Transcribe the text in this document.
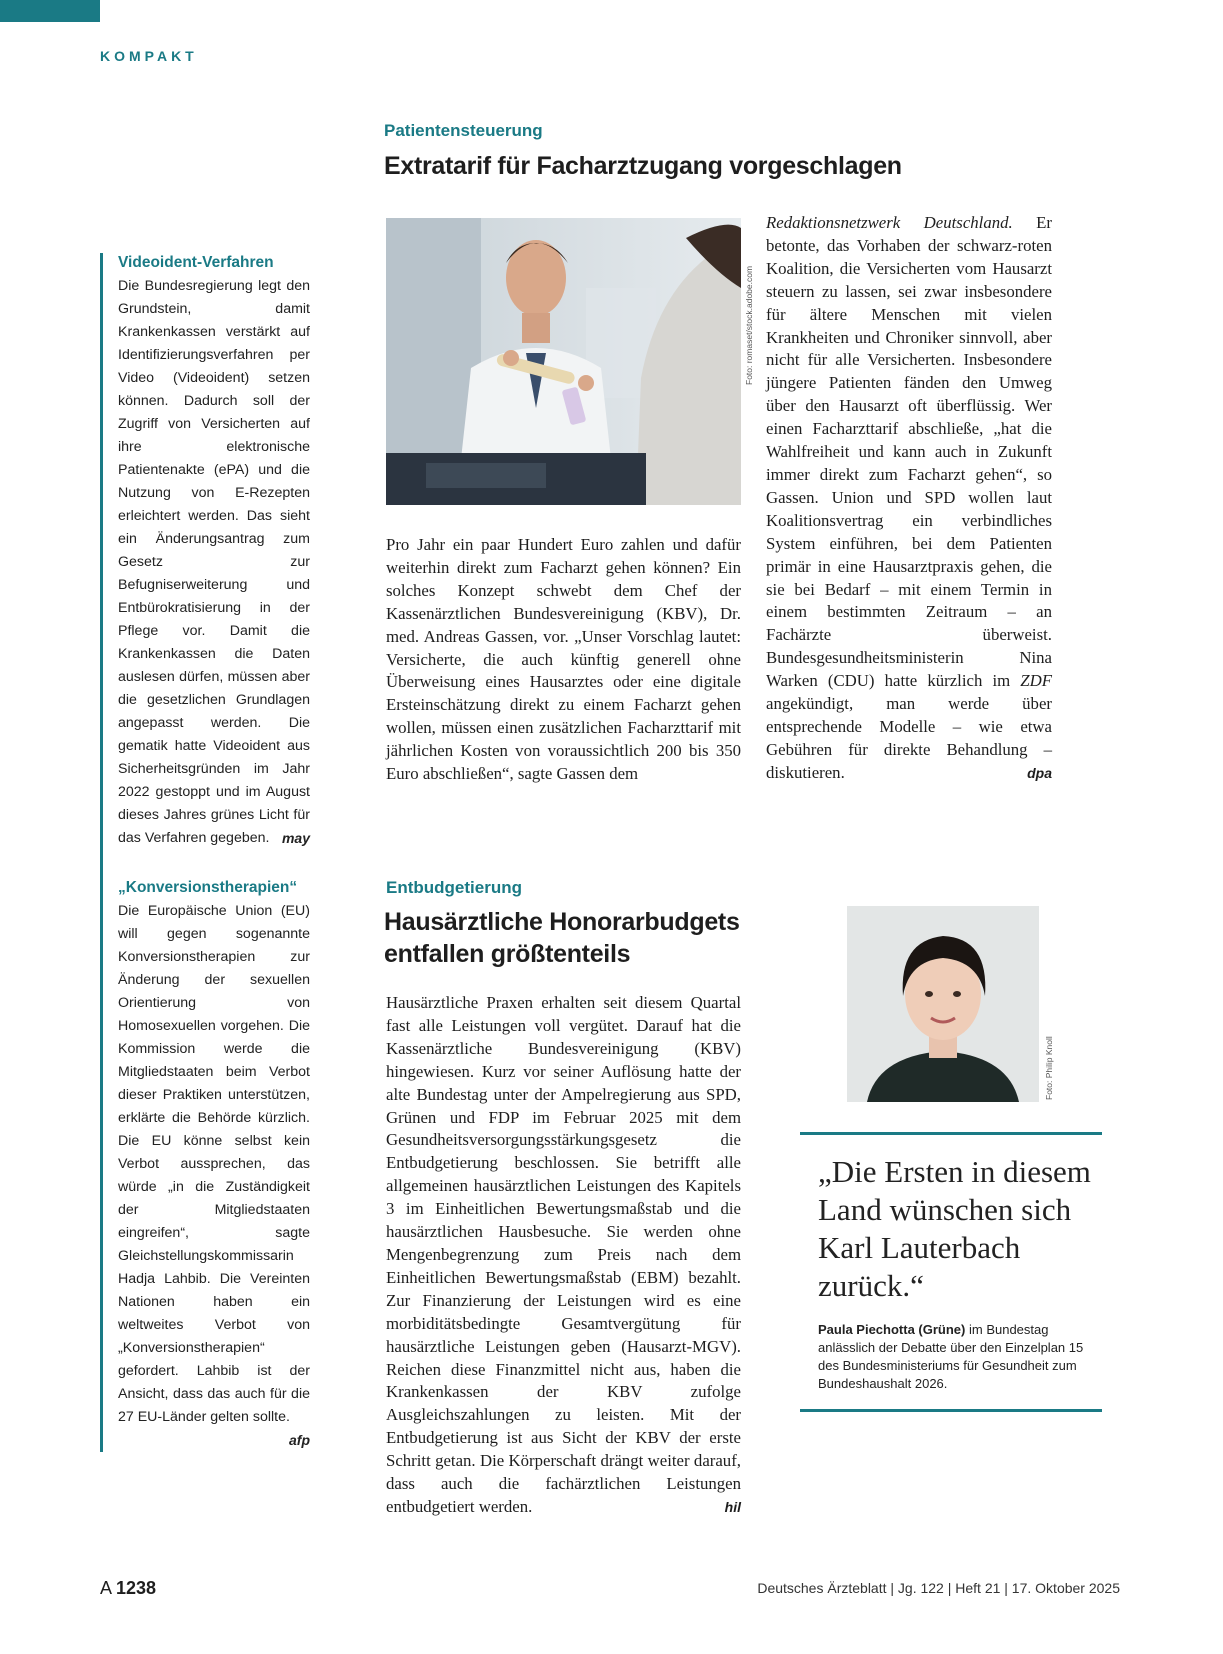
KOMPAKT
Videoident-Verfahren

Die Bundesregierung legt den Grundstein, damit Krankenkassen verstärkt auf Identifizierungsverfahren per Video (Videoident) setzen können. Dadurch soll der Zugriff von Versicherten auf ihre elektronische Patientenakte (ePA) und die Nutzung von E-Rezepten erleichtert werden. Das sieht ein Änderungsantrag zum Gesetz zur Befugniserweiterung und Entbürokratisierung in der Pflege vor. Damit die Krankenkassen die Daten auslesen dürfen, müssen aber die gesetzlichen Grundlagen angepasst werden. Die gematik hatte Videoident aus Sicherheitsgründen im Jahr 2022 gestoppt und im August dieses Jahres grünes Licht für das Verfahren gegeben. may

„Konversionstherapien“

Die Europäische Union (EU) will gegen sogenannte Konversionstherapien zur Änderung der sexuellen Orientierung von Homosexuellen vorgehen. Die Kommission werde die Mitgliedstaaten beim Verbot dieser Praktiken unterstützen, erklärte die Behörde kürzlich. Die EU könne selbst kein Verbot aussprechen, das würde „in die Zuständigkeit der Mitgliedstaaten eingreifen“, sagte Gleichstellungskommissarin Hadja Lahbib. Die Vereinten Nationen haben ein weltweites Verbot von „Konversionstherapien“ gefordert. Lahbib ist der Ansicht, dass das auch für die 27 EU-Länder gelten sollte.
afp

Patientensteuerung
Extratarif für Facharztzugang vorgeschlagen
Foto: romaset/stock.adobe.com

Pro Jahr ein paar Hundert Euro zahlen und dafür weiterhin direkt zum Facharzt gehen können? Ein solches Konzept schwebt dem Chef der Kassenärztlichen Bundesvereinigung (KBV), Dr. med. Andreas Gassen, vor. „Unser Vorschlag lautet: Versicherte, die auch künftig generell ohne Überweisung eines Hausarztes oder eine digitale Ersteinschätzung direkt zu einem Facharzt gehen wollen, müssen einen zusätzlichen Facharzttarif mit jährlichen Kosten von voraussichtlich 200 bis 350 Euro abschließen“, sagte Gassen dem

Redaktionsnetzwerk Deutschland. Er betonte, das Vorhaben der schwarz-roten Koalition, die Versicherten vom Hausarzt steuern zu lassen, sei zwar insbesondere für ältere Menschen mit vielen Krankheiten und Chroniker sinnvoll, aber nicht für alle Versicherten. Insbesondere jüngere Patienten fänden den Umweg über den Hausarzt oft überflüssig. Wer einen Facharzttarif abschließe, „hat die Wahlfreiheit und kann auch in Zukunft immer direkt zum Facharzt gehen“, so Gassen. Union und SPD wollen laut Koalitionsvertrag ein verbindliches System einführen, bei dem Patienten primär in eine Hausarztpraxis gehen, die sie bei Bedarf – mit einem Termin in einem bestimmten Zeitraum – an Fachärzte überweist. Bundesgesundheitsministerin Nina Warken (CDU) hatte kürzlich im ZDF angekündigt, man werde über entsprechende Modelle – wie etwa Gebühren für direkte Behandlung – diskutieren.	dpa

Entbudgetierung
Hausärztliche Honorarbudgets entfallen größtenteils

Hausärztliche Praxen erhalten seit diesem Quartal fast alle Leistungen voll vergütet. Darauf hat die Kassenärztliche Bundesvereinigung (KBV) hingewiesen. Kurz vor seiner Auflösung hatte der alte Bundestag unter der Ampelregierung aus SPD, Grünen und FDP im Februar 2025 mit dem Gesundheitsversorgungsstärkungsgesetz die Entbudgetierung beschlossen. Sie betrifft alle allgemeinen hausärztlichen Leistungen des Kapitels 3 im Einheitlichen Bewertungsmaßstab und die hausärztlichen Hausbesuche. Sie werden ohne Mengenbegrenzung zum Preis nach dem Einheitlichen Bewertungsmaßstab (EBM) bezahlt. Zur Finanzierung der Leistungen wird es eine morbiditätsbedingte Gesamtvergütung für hausärztliche Leistungen geben (Hausarzt-MGV). Reichen diese Finanzmittel nicht aus, haben die Krankenkassen der KBV zufolge Ausgleichszahlungen zu leisten. Mit der Entbudgetierung ist aus Sicht der KBV der erste Schritt getan. Die Körperschaft drängt weiter darauf, dass auch die fachärztlichen Leistungen entbudgetiert werden.	hil

Foto: Philip Knoll

„Die Ersten in diesem Land wünschen sich Karl Lauterbach zurück.“

Paula Piechotta (Grüne) im Bundestag anlässlich der Debatte über den Einzelplan 15 des Bundesministeriums für Gesundheit zum Bundeshaushalt 2026.
A 1238	Deutsches Ärzteblatt | Jg. 122 | Heft 21 | 17. Oktober 2025
